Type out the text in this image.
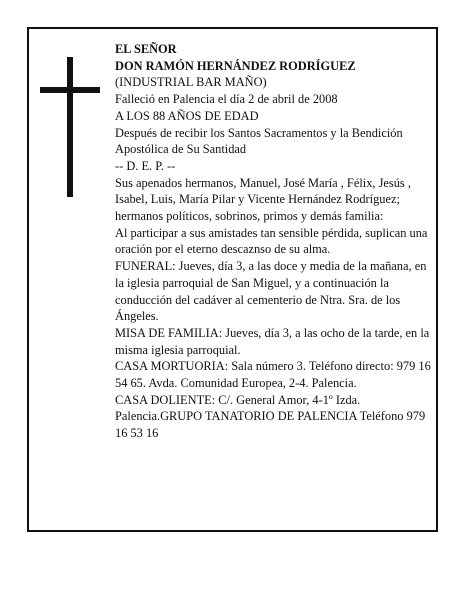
EL SEÑOR

DON RAMÓN HERNÁNDEZ RODRÍGUEZ

(INDUSTRIAL BAR MAÑO)

Falleció en Palencia el día 2 de abril de 2008

A LOS 88 AÑOS DE EDAD

Después de recibir los Santos Sacramentos y la Bendición Apostólica de Su Santidad

-- D. E. P. --

Sus apenados hermanos, Manuel, José María , Félix, Jesús , Isabel, Luis, María Pilar y Vicente Hernández Rodríguez; hermanos políticos, sobrinos, primos y demás familia:

Al participar a sus amistades tan sensible pérdida, suplican una oración por el eterno descaznso de su alma.

FUNERAL: Jueves, día 3, a las doce y media de la mañana, en la iglesia parroquial de San Miguel, y a continuación la conducción del cadáver al cementerio de Ntra. Sra. de los Ángeles.

MISA DE FAMILIA: Jueves, día 3, a las ocho de la tarde, en la misma iglesia parroquial.

CASA MORTUORIA: Sala número 3. Teléfono directo: 979 16 54 65. Avda. Comunidad Europea, 2-4. Palencia.

CASA DOLIENTE: C/. General Amor, 4-1º Izda. Palencia.GRUPO TANATORIO DE PALENCIA Teléfono 979 16 53 16
